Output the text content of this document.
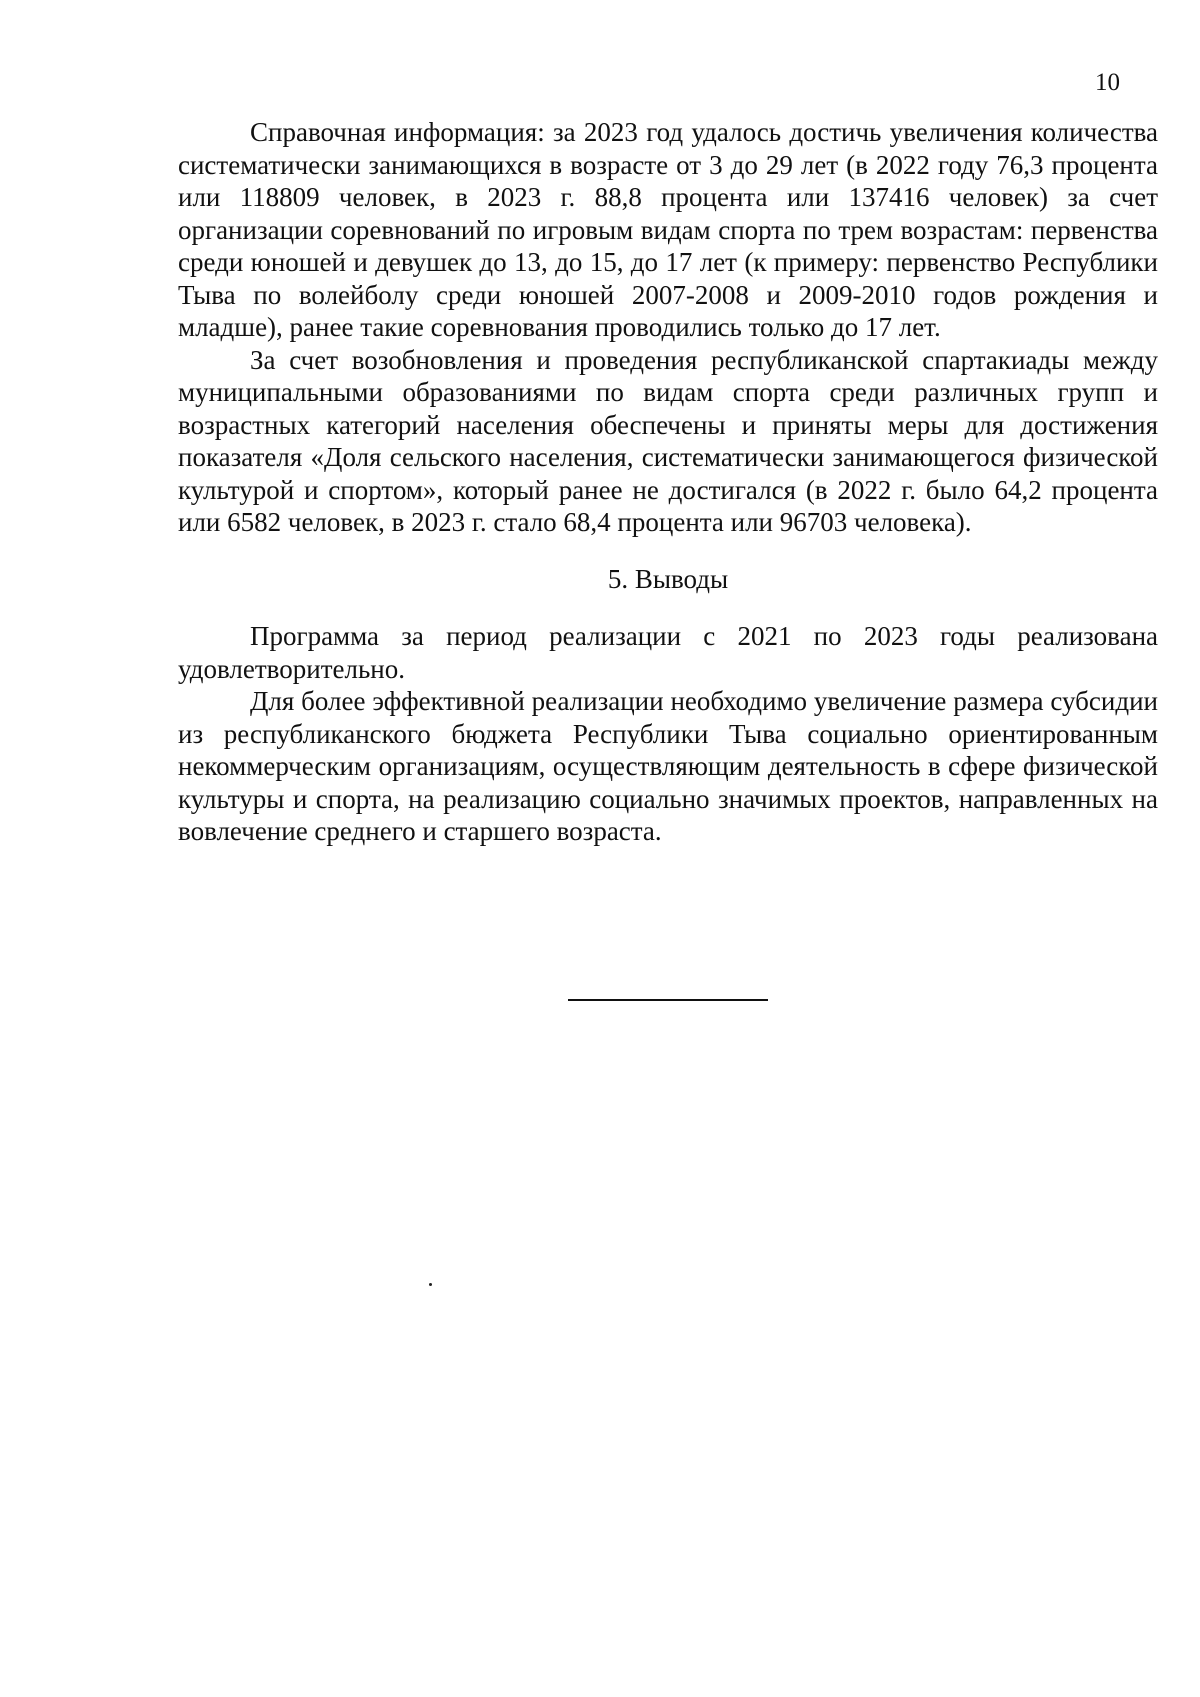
10

Справочная информация: за 2023 год удалось достичь увеличения количества систематически занимающихся в возрасте от 3 до 29 лет (в 2022 году 76,3 процента или 118809 человек, в 2023 г. 88,8 процента или 137416 человек) за счет организации соревнований по игровым видам спорта по трем возрастам: первенства среди юношей и девушек до 13, до 15, до 17 лет (к примеру: первенство Республики Тыва по волейболу среди юношей 2007-2008 и 2009-2010 годов рождения и младше), ранее такие соревнования проводились только до 17 лет.

За счет возобновления и проведения республиканской спартакиады между муниципальными образованиями по видам спорта среди различных групп и возрастных категорий населения обеспечены и приняты меры для достижения показателя «Доля сельского населения, систематически занимающегося физической культурой и спортом», который ранее не достигался (в 2022 г. было 64,2 процента или 6582 человек, в 2023 г. стало 68,4 процента или 96703 человека).

5. Выводы

Программа за период реализации с 2021 по 2023 годы реализована удовлетворительно.

Для более эффективной реализации необходимо увеличение размера субсидии из республиканского бюджета Республики Тыва социально ориентированным некоммерческим организациям, осуществляющим деятельность в сфере физической культуры и спорта, на реализацию социально значимых проектов, направленных на вовлечение среднего и старшего возраста.
